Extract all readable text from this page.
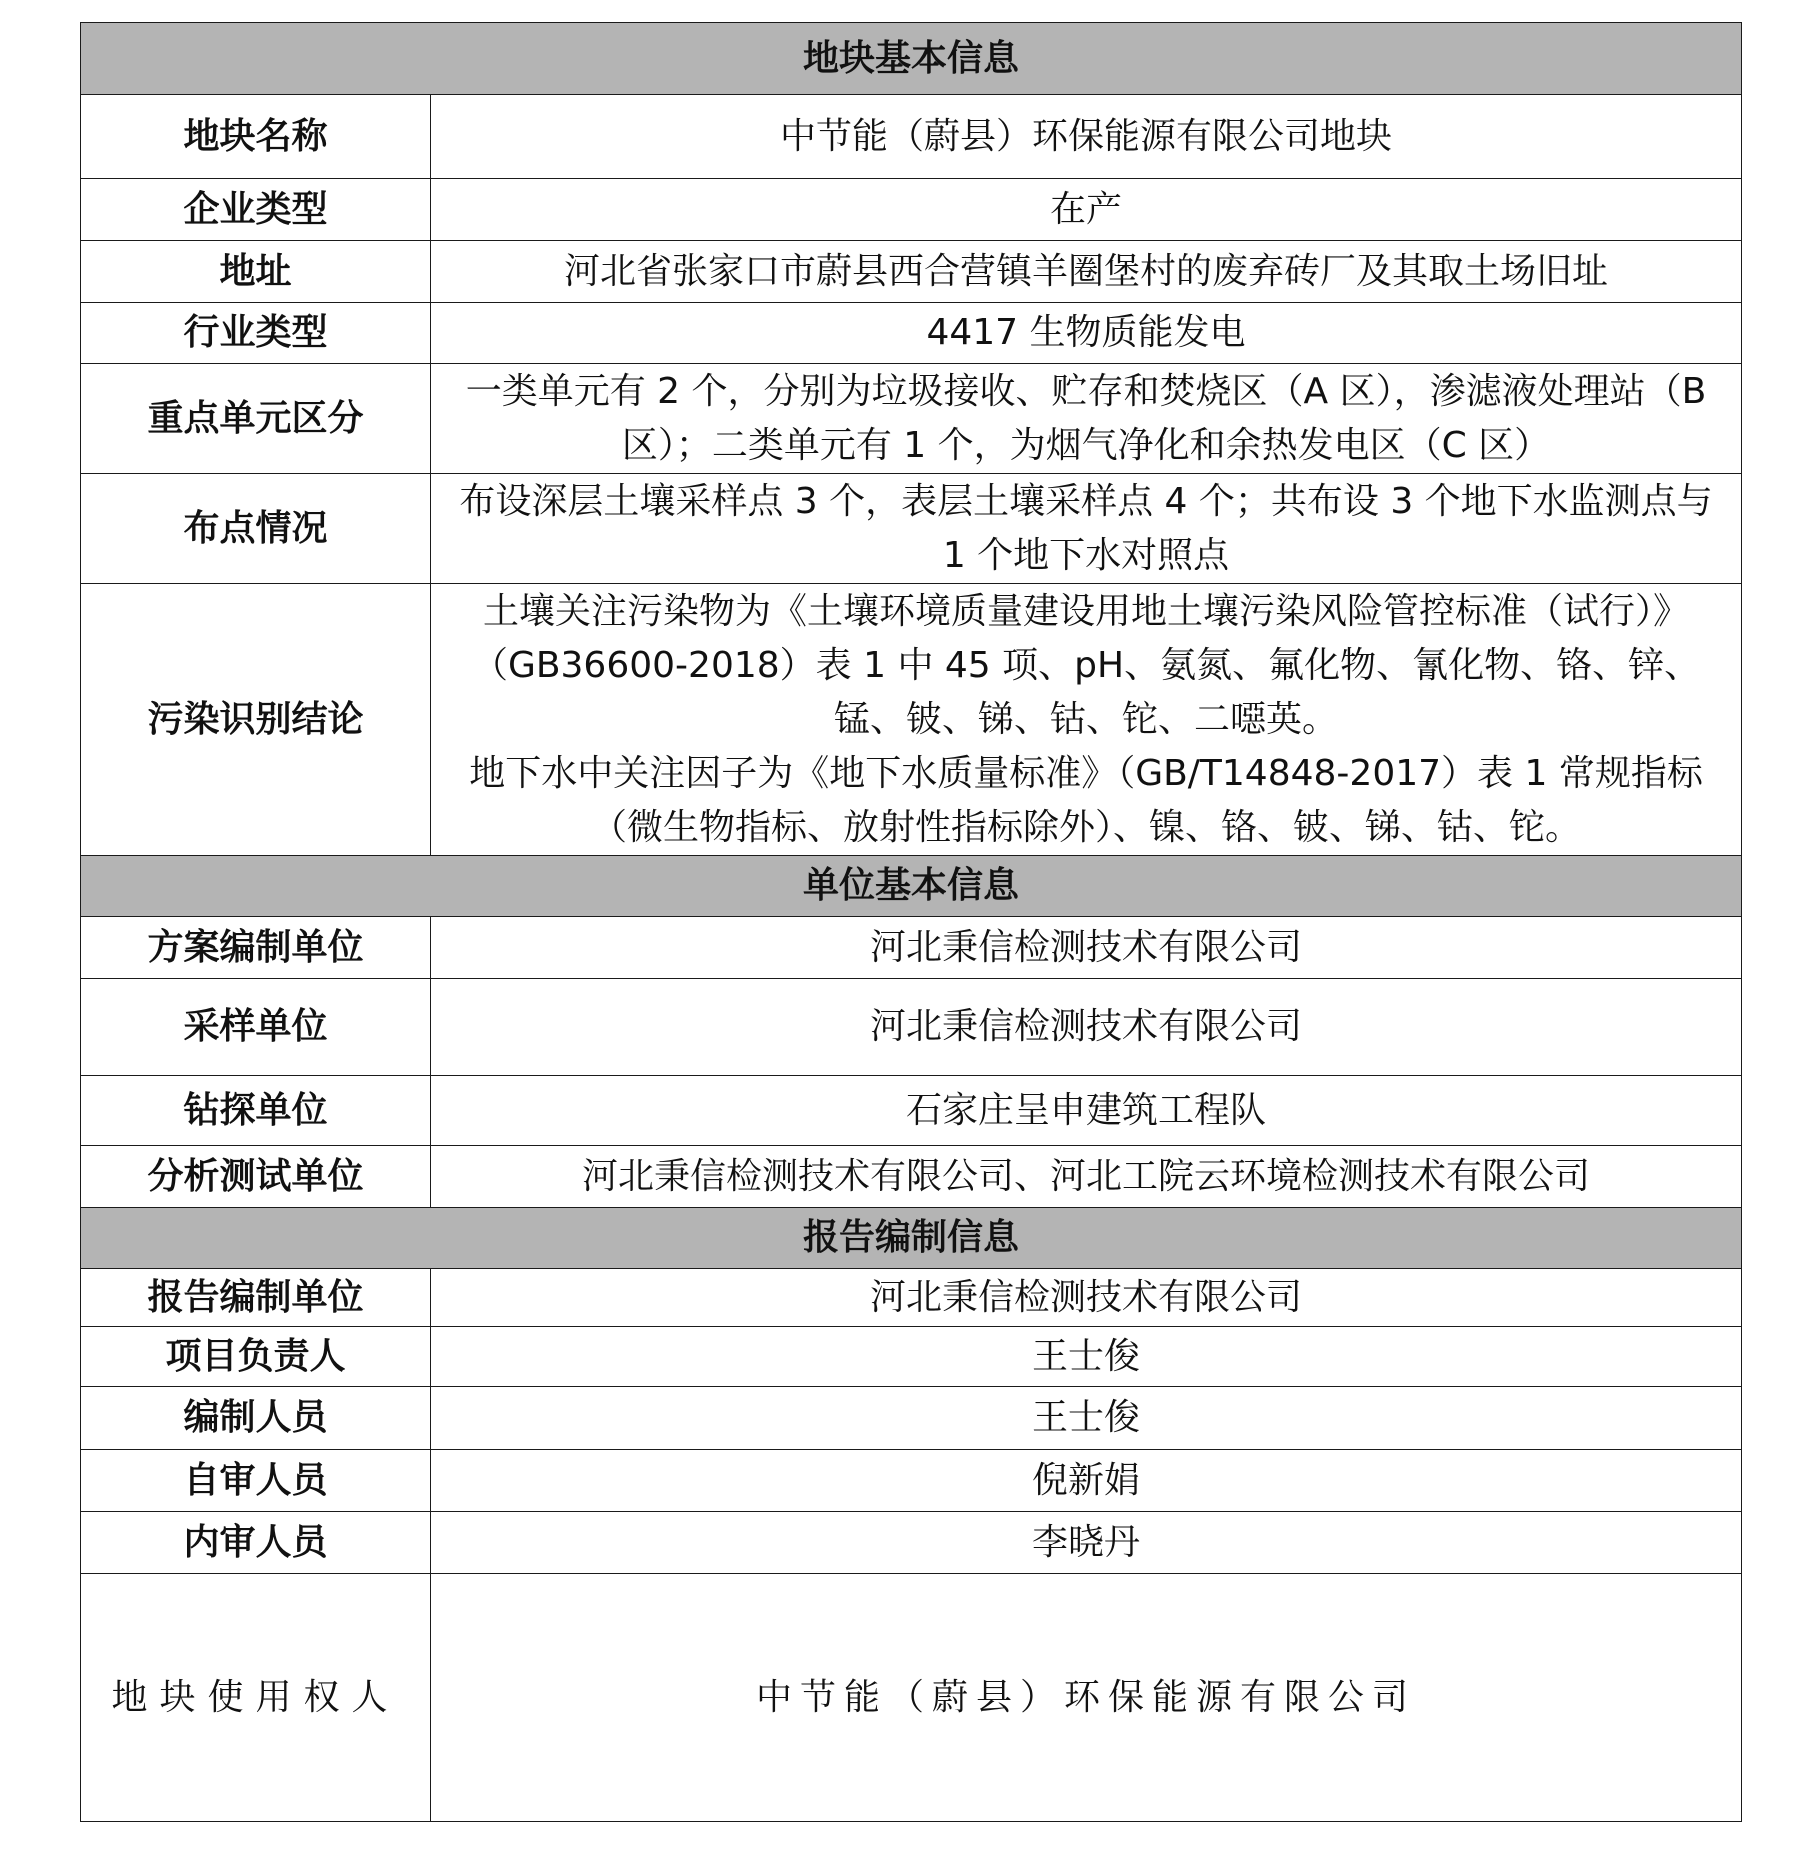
地块基本信息	
地块名称	中节能（蔚县）环保能源有限公司地块
企业类型	在产
地址	河北省张家口市蔚县西合营镇羊圈堡村的废弃砖厂及其取土场旧址
行业类型	4417 生物质能发电
重点单元区分	一类单元有 2 个，分别为垃圾接收、贮存和焚烧区（A 区），渗滤液处理站（B 区）；二类单元有 1 个，为烟气净化和余热发电区（C 区）
布点情况	布设深层土壤采样点 3 个，表层土壤采样点 4 个；共布设 3 个地下水监测点与 1 个地下水对照点
污染识别结论	土壤关注污染物为《土壤环境质量建设用地土壤污染风险管控标准（试行）》（GB36600-2018）表 1 中 45 项、pH、氨氮、氟化物、氰化物、铬、锌、锰、铍、锑、钴、铊、二噁英。
地下水中关注因子为《地下水质量标准》（GB/T14848-2017）表 1 常规指标（微生物指标、放射性指标除外）、镍、铬、铍、锑、钴、铊。

单位基本信息	
方案编制单位	河北秉信检测技术有限公司
采样单位	河北秉信检测技术有限公司
钻探单位	石家庄呈申建筑工程队
分析测试单位	河北秉信检测技术有限公司、河北工院云环境检测技术有限公司
报告编制信息	
报告编制单位	河北秉信检测技术有限公司
项目负责人	王士俊
编制人员	王士俊
自审人员	倪新娟
内审人员	李晓丹
地块使用权人	中节能（蔚县）环保能源有限公司
